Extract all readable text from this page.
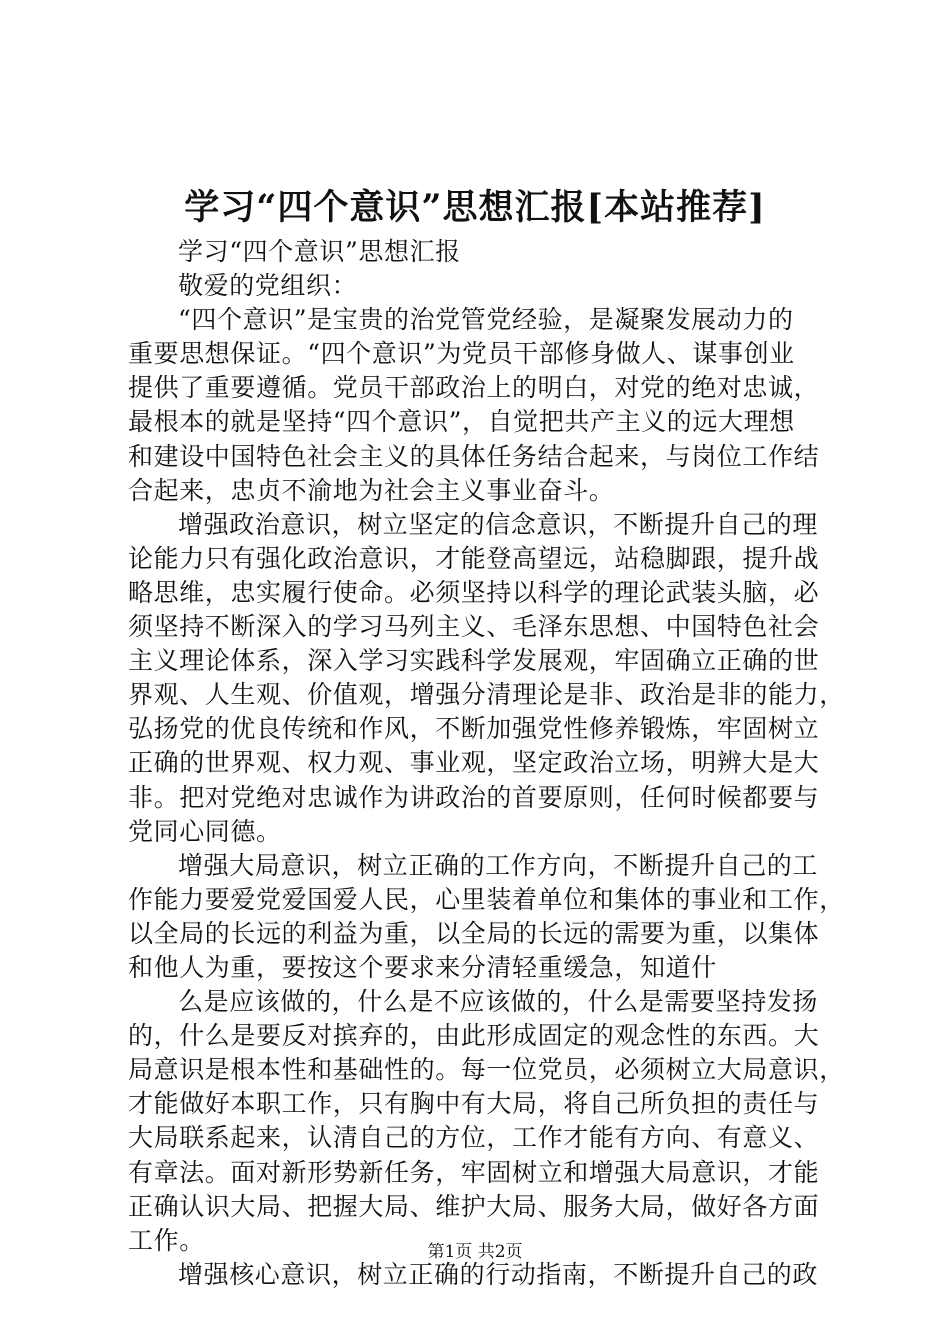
学习“四个意识”思想汇报[本站推荐]
学习“四个意识”思想汇报
敬爱的党组织：
“四个意识”是宝贵的治党管党经验，是凝聚发展动力的
重要思想保证。“四个意识”为党员干部修身做人、谋事创业
提供了重要遵循。党员干部政治上的明白，对党的绝对忠诚，
最根本的就是坚持“四个意识”，自觉把共产主义的远大理想
和建设中国特色社会主义的具体任务结合起来，与岗位工作结
合起来，忠贞不渝地为社会主义事业奋斗。
增强政治意识，树立坚定的信念意识，不断提升自己的理
论能力只有强化政治意识，才能登高望远，站稳脚跟，提升战
略思维，忠实履行使命。必须坚持以科学的理论武装头脑，必
须坚持不断深入的学习马列主义、毛泽东思想、中国特色社会
主义理论体系，深入学习实践科学发展观，牢固确立正确的世
界观、人生观、价值观，增强分清理论是非、政治是非的能力，
弘扬党的优良传统和作风，不断加强党性修养锻炼，牢固树立
正确的世界观、权力观、事业观，坚定政治立场，明辨大是大
非。把对党绝对忠诚作为讲政治的首要原则，任何时候都要与
党同心同德。
增强大局意识，树立正确的工作方向，不断提升自己的工
作能力要爱党爱国爱人民，心里装着单位和集体的事业和工作，
以全局的长远的利益为重，以全局的长远的需要为重，以集体
和他人为重，要按这个要求来分清轻重缓急，知道什
么是应该做的，什么是不应该做的，什么是需要坚持发扬
的，什么是要反对摈弃的，由此形成固定的观念性的东西。大
局意识是根本性和基础性的。每一位党员，必须树立大局意识，
才能做好本职工作，只有胸中有大局，将自己所负担的责任与
大局联系起来，认清自己的方位，工作才能有方向、有意义、
有章法。面对新形势新任务，牢固树立和增强大局意识，才能
正确认识大局、把握大局、维护大局、服务大局，做好各方面
工作。
增强核心意识，树立正确的行动指南，不断提升自己的政
第1页 共2页
